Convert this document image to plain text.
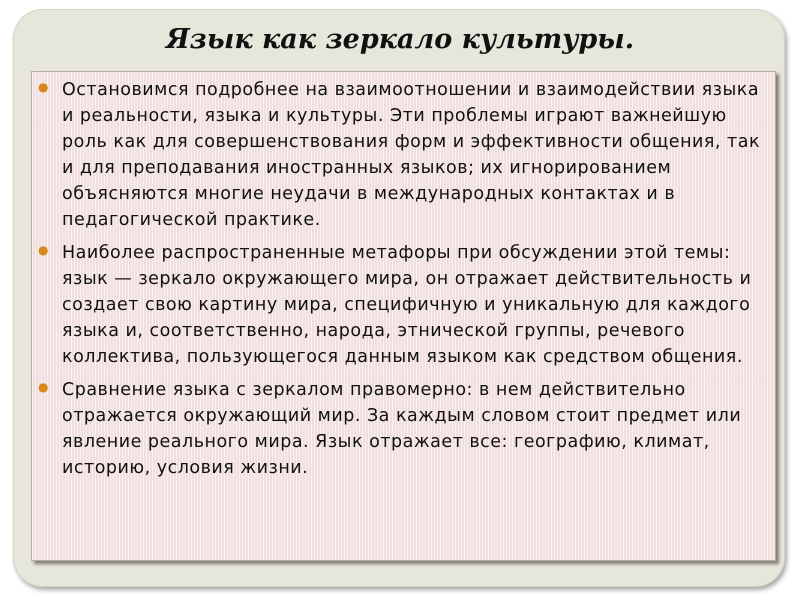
Язык как зеркало культуры.
● Остановимся подробнее на взаимоотношении и взаимодействии языка и реальности, языка и культуры. Эти проблемы играют важнейшую роль как для совершенствования форм и эффективности общения, так и для преподавания иностранных языков; их игнорированием объясняются многие неудачи в международных контактах и в педагогической практике.
● Наиболее распространенные метафоры при обсуждении этой темы: язык — зеркало окружающего мира, он отражает действительность и создает свою картину мира, специфичную и уникальную для каждого языка и, соответственно, народа, этнической группы, речевого коллектива, пользующегося данным языком как средством общения.
● Сравнение языка с зеркалом правомерно: в нем действительно отражается окружающий мир. За каждым словом стоит предмет или явление реального мира. Язык отражает все: географию, климат, историю, условия жизни.
